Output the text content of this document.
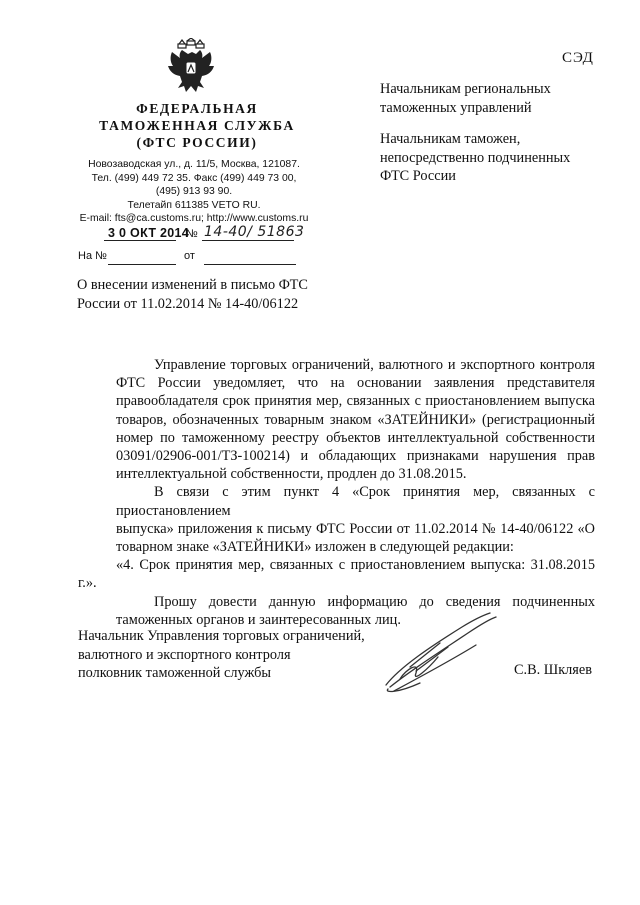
СЭД
ФЕДЕРАЛЬНАЯ
ТАМОЖЕННАЯ СЛУЖБА
(ФТС РОССИИ)
Новозаводская ул., д. 11/5, Москва, 121087.
Тел. (499) 449 72 35. Факс (499) 449 73 00,
(495) 913 93 90.
Телетайп 611385 VETO RU.
E-mail: fts@ca.customs.ru; http://www.customs.ru
3 0 ОКТ 2014
№ 14-40/ 51863
На №	от
Начальникам региональных
таможенных управлений
Начальникам таможен,
непосредственно подчиненных
ФТС России
О внесении изменений в письмо ФТС
России от 11.02.2014 № 14-40/06122

Управление торговых ограничений, валютного и экспортного контроля
ФТС России уведомляет, что на основании заявления представителя
правообладателя срок принятия мер, связанных с приостановлением выпуска
товаров, обозначенных товарным знаком «ЗАТЕЙНИКИ» (регистрационный
номер по таможенному реестру объектов интеллектуальной собственности
03091/02906-001/ТЗ-100214) и обладающих признаками нарушения прав
интеллектуальной собственности, продлен до 31.08.2015.

В связи с этим пункт 4 «Срок принятия мер, связанных с приостановлением
выпуска» приложения к письму ФТС России от 11.02.2014 № 14-40/06122 «О
товарном знаке «ЗАТЕЙНИКИ» изложен в следующей редакции:
«4. Срок принятия мер, связанных с приостановлением выпуска: 31.08.2015 г.».

Прошу довести данную информацию до сведения подчиненных
таможенных органов и заинтересованных лиц.

Начальник Управления торговых ограничений,
валютного и экспортного контроля
полковник таможенной службы	С.В. Шкляев
